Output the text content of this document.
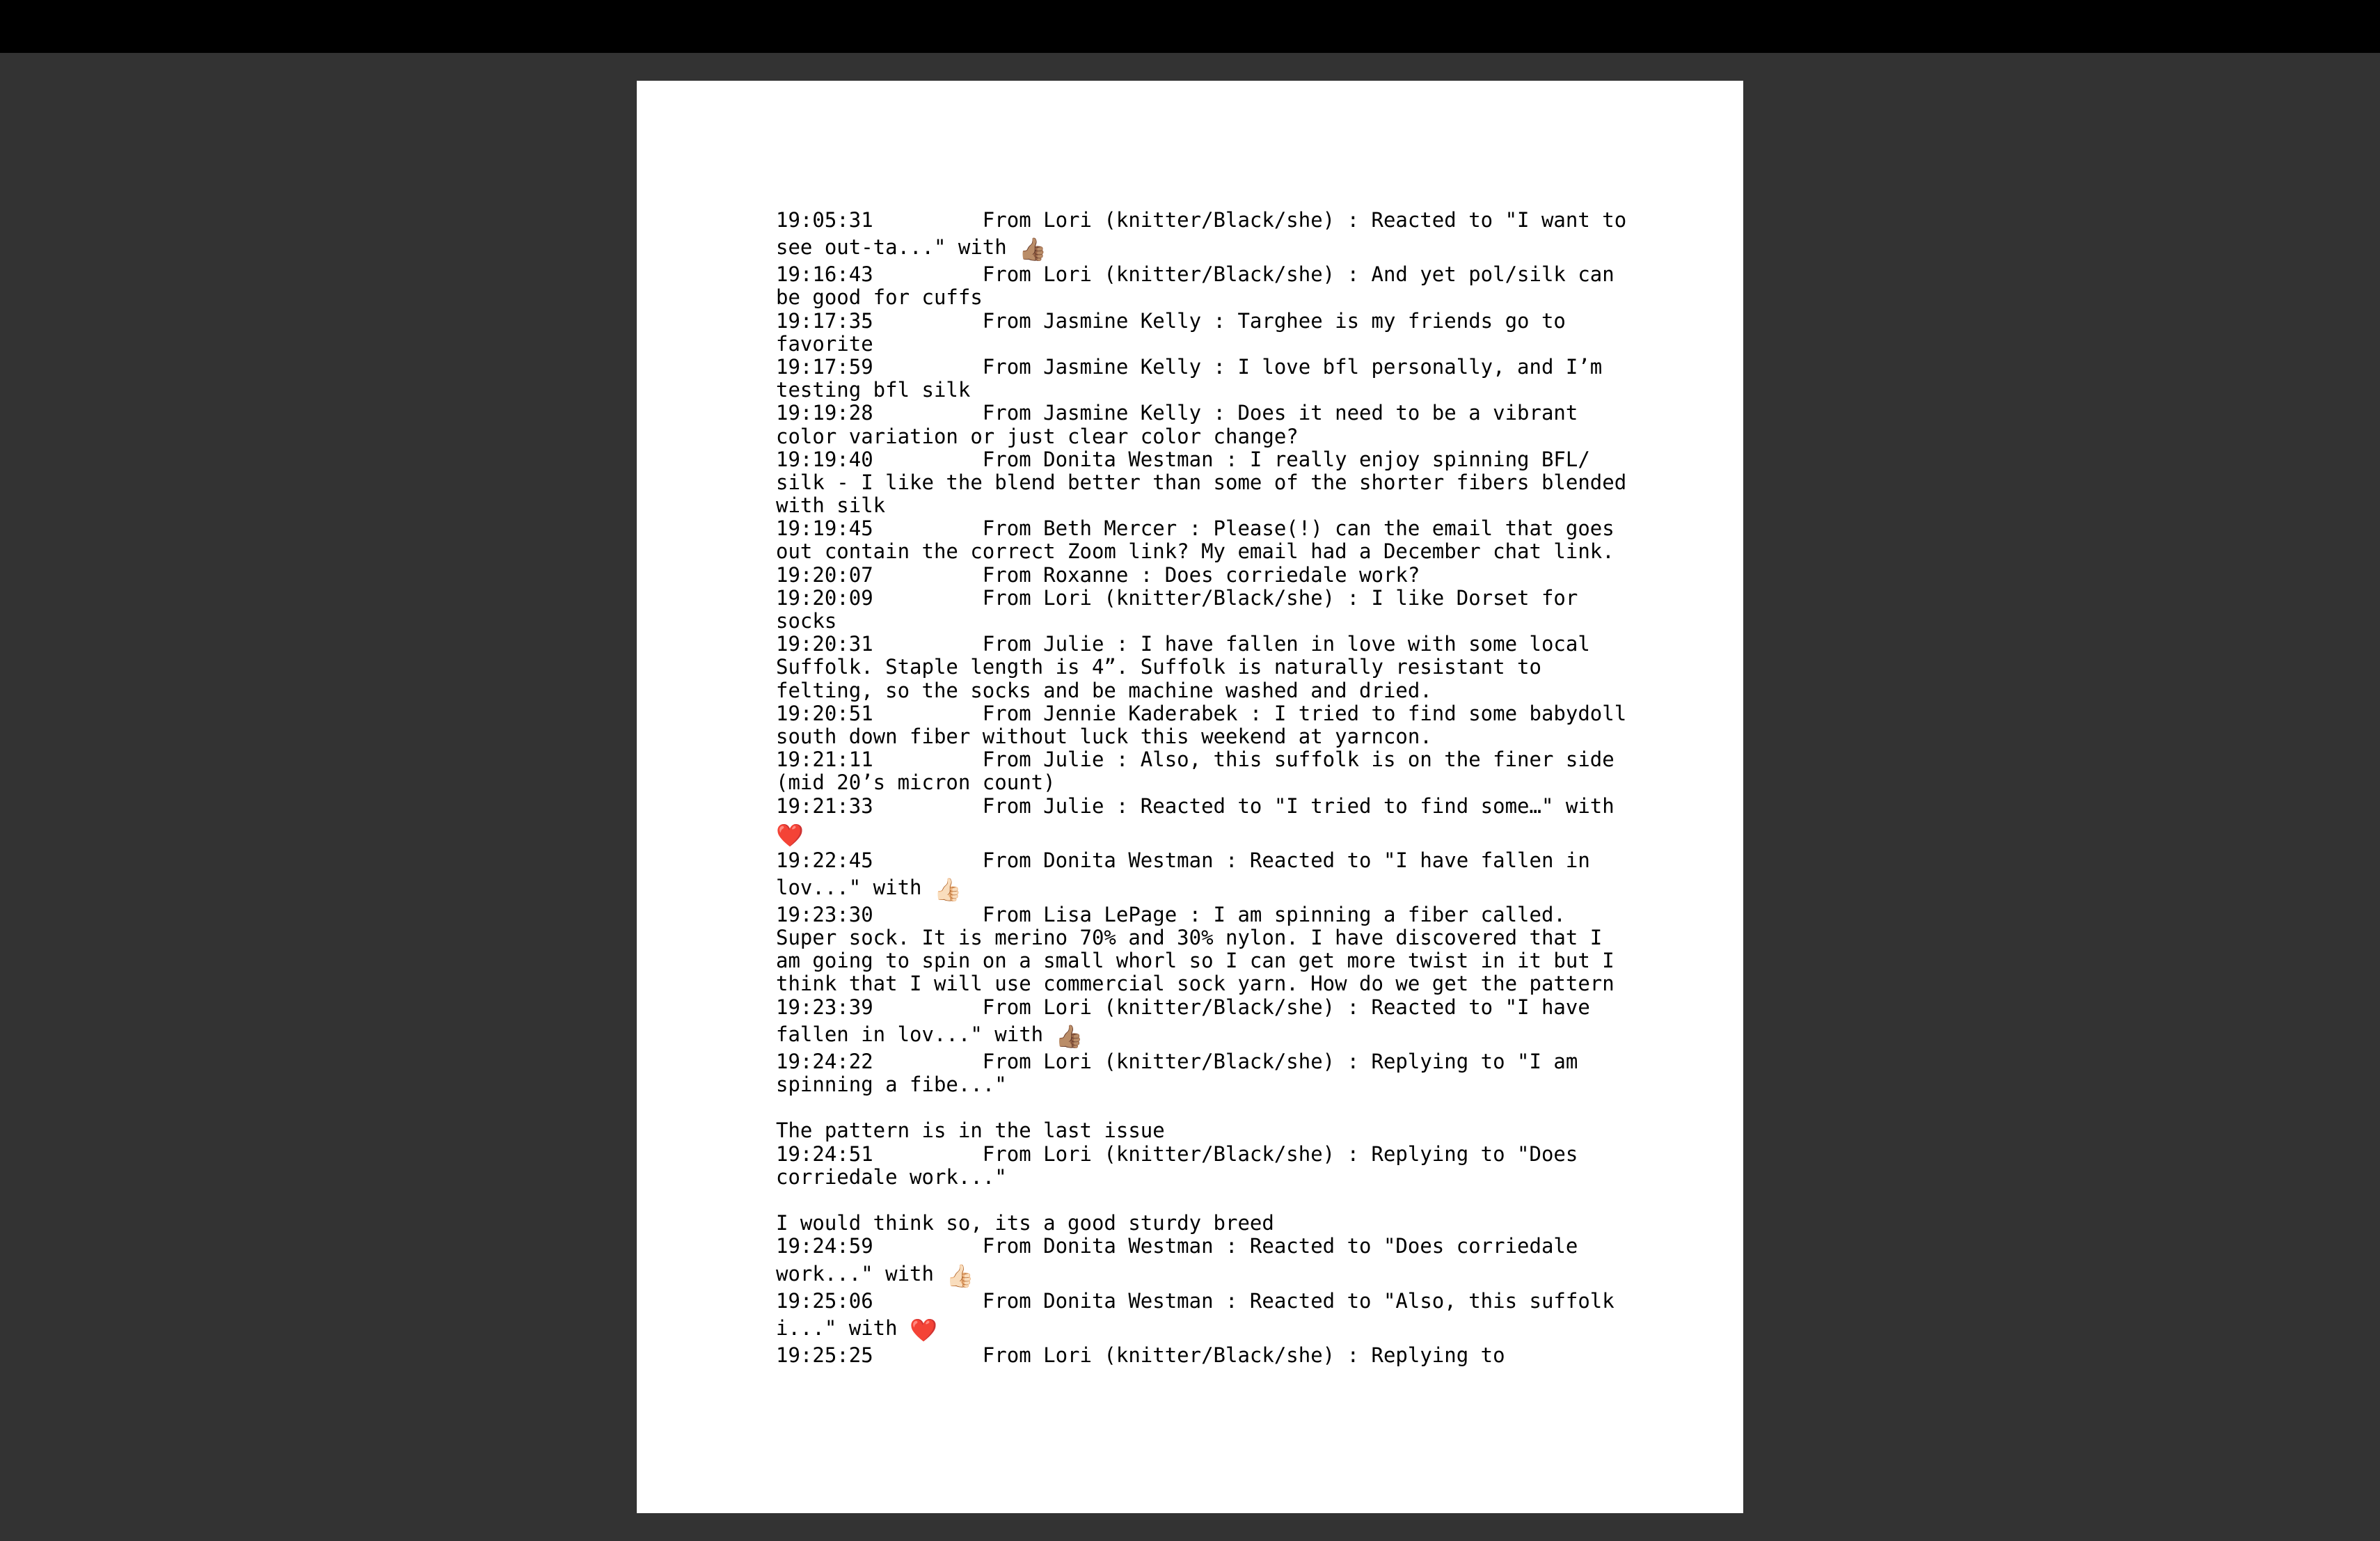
19:05:31         From Lori (knitter/Black/she) : Reacted to "I want to
see out-ta..." with 👍🏽
19:16:43         From Lori (knitter/Black/she) : And yet pol/silk can
be good for cuffs
19:17:35         From Jasmine Kelly : Targhee is my friends go to
favorite
19:17:59         From Jasmine Kelly : I love bfl personally, and I’m
testing bfl silk
19:19:28         From Jasmine Kelly : Does it need to be a vibrant
color variation or just clear color change?
19:19:40         From Donita Westman : I really enjoy spinning BFL/
silk - I like the blend better than some of the shorter fibers blended
with silk
19:19:45         From Beth Mercer : Please(!) can the email that goes
out contain the correct Zoom link? My email had a December chat link.
19:20:07         From Roxanne : Does corriedale work?
19:20:09         From Lori (knitter/Black/she) : I like Dorset for
socks
19:20:31         From Julie : I have fallen in love with some local
Suffolk. Staple length is 4”. Suffolk is naturally resistant to
felting, so the socks and be machine washed and dried.
19:20:51         From Jennie Kaderabek : I tried to find some babydoll
south down fiber without luck this weekend at yarncon.
19:21:11         From Julie : Also, this suffolk is on the finer side
(mid 20’s micron count)
19:21:33         From Julie : Reacted to "I tried to find some…" with
❤️
19:22:45         From Donita Westman : Reacted to "I have fallen in
lov..." with 👍🏻
19:23:30         From Lisa LePage : I am spinning a fiber called.
Super sock. It is merino 70% and 30% nylon. I have discovered that I
am going to spin on a small whorl so I can get more twist in it but I
think that I will use commercial sock yarn. How do we get the pattern
19:23:39         From Lori (knitter/Black/she) : Reacted to "I have
fallen in lov..." with 👍🏽
19:24:22         From Lori (knitter/Black/she) : Replying to "I am
spinning a fibe..."
The pattern is in the last issue
19:24:51         From Lori (knitter/Black/she) : Replying to "Does
corriedale work..."
I would think so, its a good sturdy breed
19:24:59         From Donita Westman : Reacted to "Does corriedale
work..." with 👍🏻
19:25:06         From Donita Westman : Reacted to "Also, this suffolk
i..." with ❤️
19:25:25         From Lori (knitter/Black/she) : Replying to
